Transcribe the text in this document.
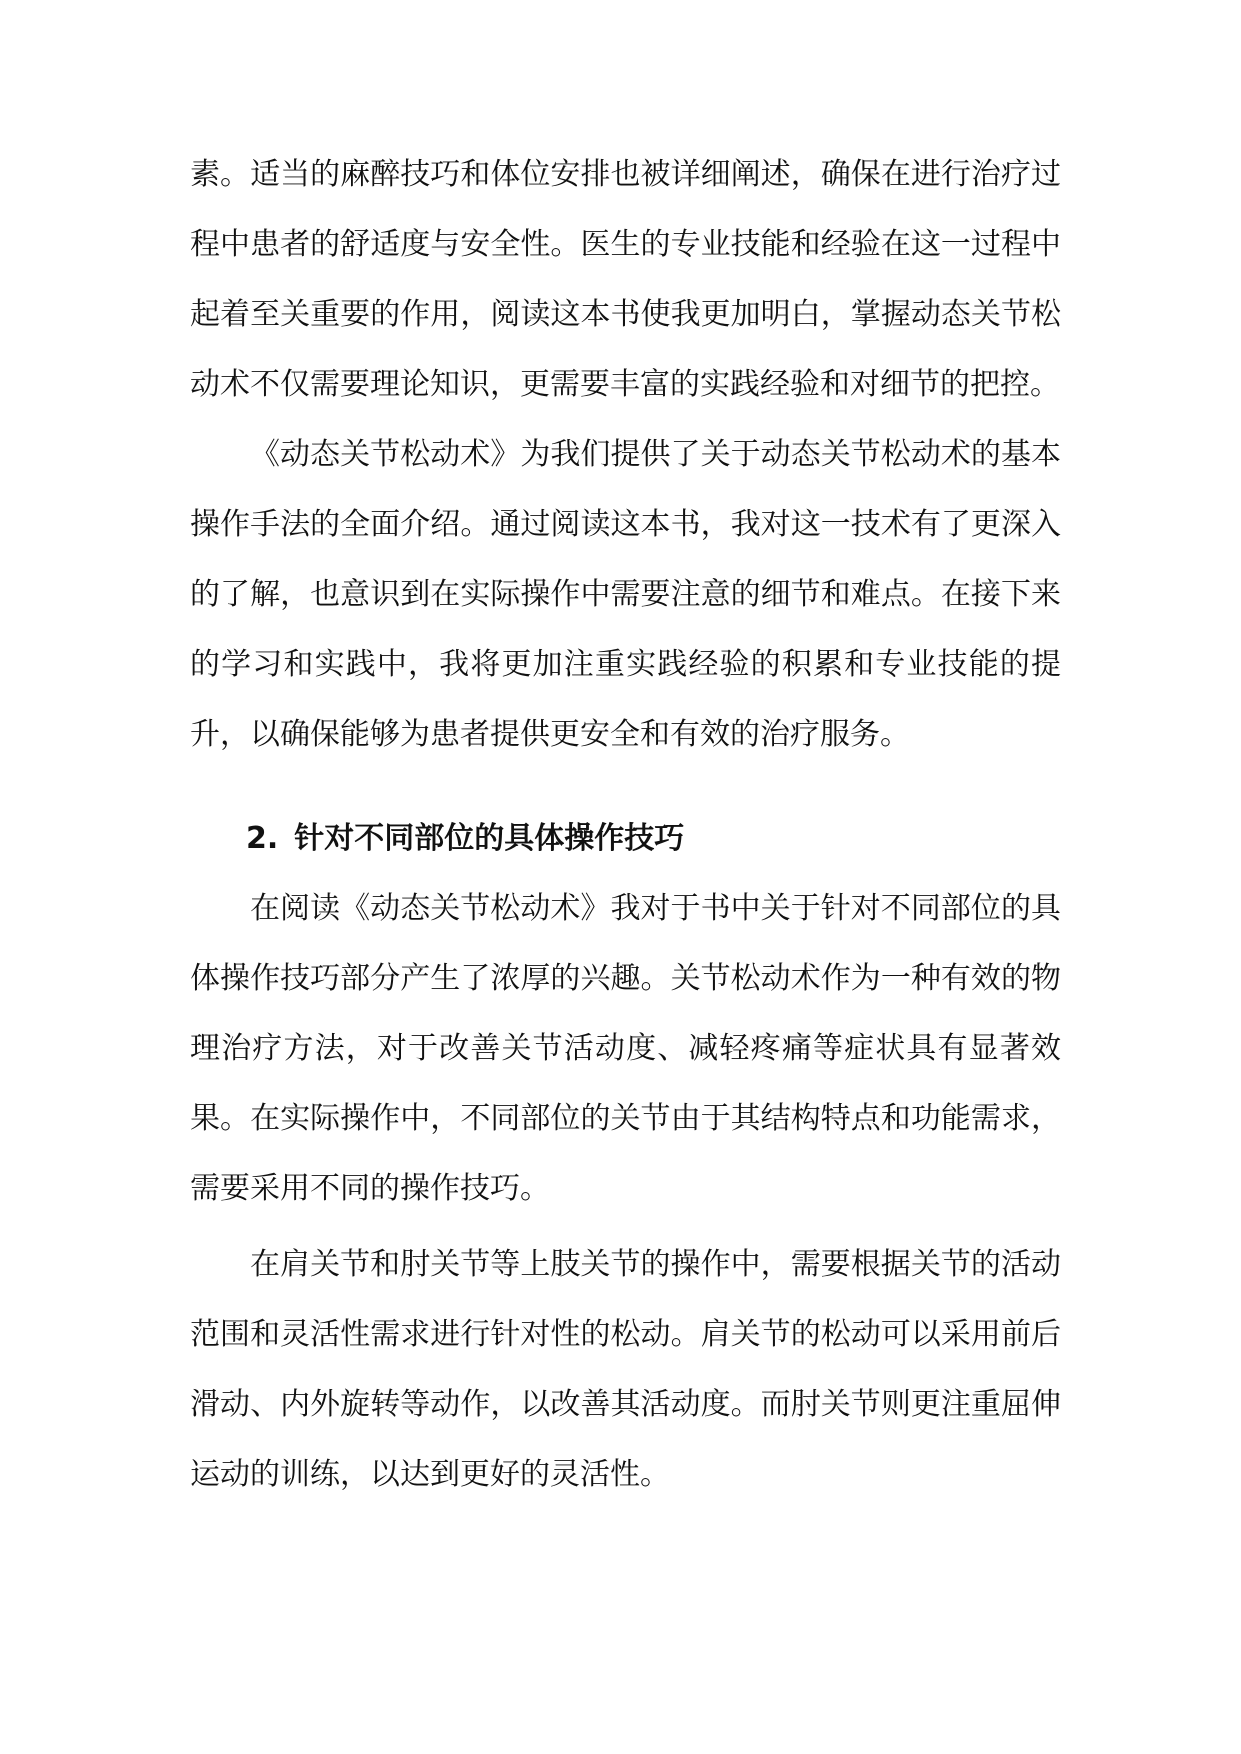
素。适当的麻醉技巧和体位安排也被详细阐述，确保在进行治疗过程中患者的舒适度与安全性。医生的专业技能和经验在这一过程中起着至关重要的作用，阅读这本书使我更加明白，掌握动态关节松动术不仅需要理论知识，更需要丰富的实践经验和对细节的把控。

《动态关节松动术》为我们提供了关于动态关节松动术的基本操作手法的全面介绍。通过阅读这本书，我对这一技术有了更深入的了解，也意识到在实际操作中需要注意的细节和难点。在接下来的学习和实践中，我将更加注重实践经验的积累和专业技能的提升，以确保能够为患者提供更安全和有效的治疗服务。

2. 针对不同部位的具体操作技巧

在阅读《动态关节松动术》我对于书中关于针对不同部位的具体操作技巧部分产生了浓厚的兴趣。关节松动术作为一种有效的物理治疗方法，对于改善关节活动度、减轻疼痛等症状具有显著效果。在实际操作中，不同部位的关节由于其结构特点和功能需求，需要采用不同的操作技巧。

在肩关节和肘关节等上肢关节的操作中，需要根据关节的活动范围和灵活性需求进行针对性的松动。肩关节的松动可以采用前后滑动、内外旋转等动作，以改善其活动度。而肘关节则更注重屈伸运动的训练，以达到更好的灵活性。
